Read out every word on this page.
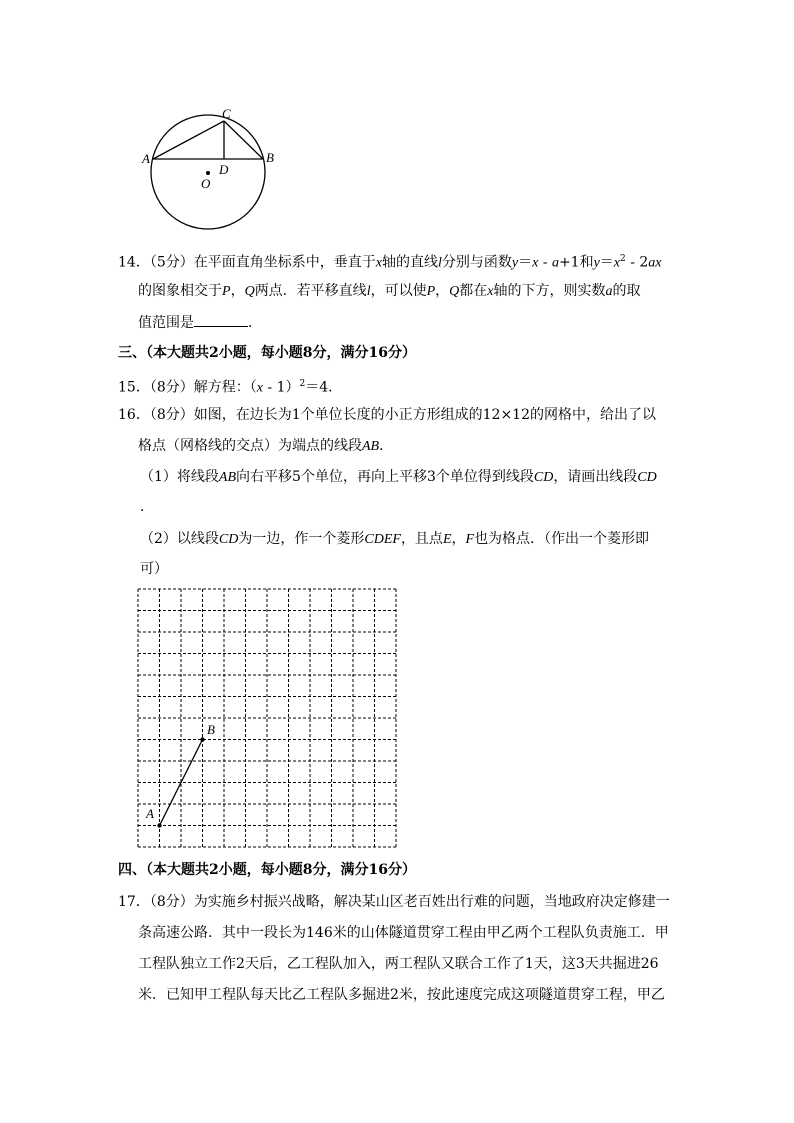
A	B
C
D
O
14．（5分）在平面直角坐标系中，垂直于x轴的直线l分别与函数y＝x - a+1和$y=x^2 - 2ax$
的图象相交于P，Q两点．若平移直线l，可以使P，Q都在x轴的下方，则实数a的取
值范围是	．
三、（本大题共2小题，每小题8分，满分16分）
15．（8分）解方程：（x - 1）$^2$＝4．
16．（8分）如图，在边长为1个单位长度的小正方形组成的12×12的网格中，给出了以
格点（网格线的交点）为端点的线段AB．
（1）将线段AB向右平移5个单位，再向上平移3个单位得到线段CD，请画出线段CD
．
（2）以线段CD为一边，作一个菱形CDEF，且点E，F也为格点．（作出一个菱形即
可）
A
B
四、（本大题共2小题，每小题8分，满分16分）
17．（8分）为实施乡村振兴战略，解决某山区老百姓出行难的问题，当地政府决定修建一
条高速公路．其中一段长为146米的山体隧道贯穿工程由甲乙两个工程队负责施工．甲
工程队独立工作2天后，乙工程队加入，两工程队又联合工作了1天，这3天共掘进26
米．已知甲工程队每天比乙工程队多掘进2米，按此速度完成这项隧道贯穿工程，甲乙
